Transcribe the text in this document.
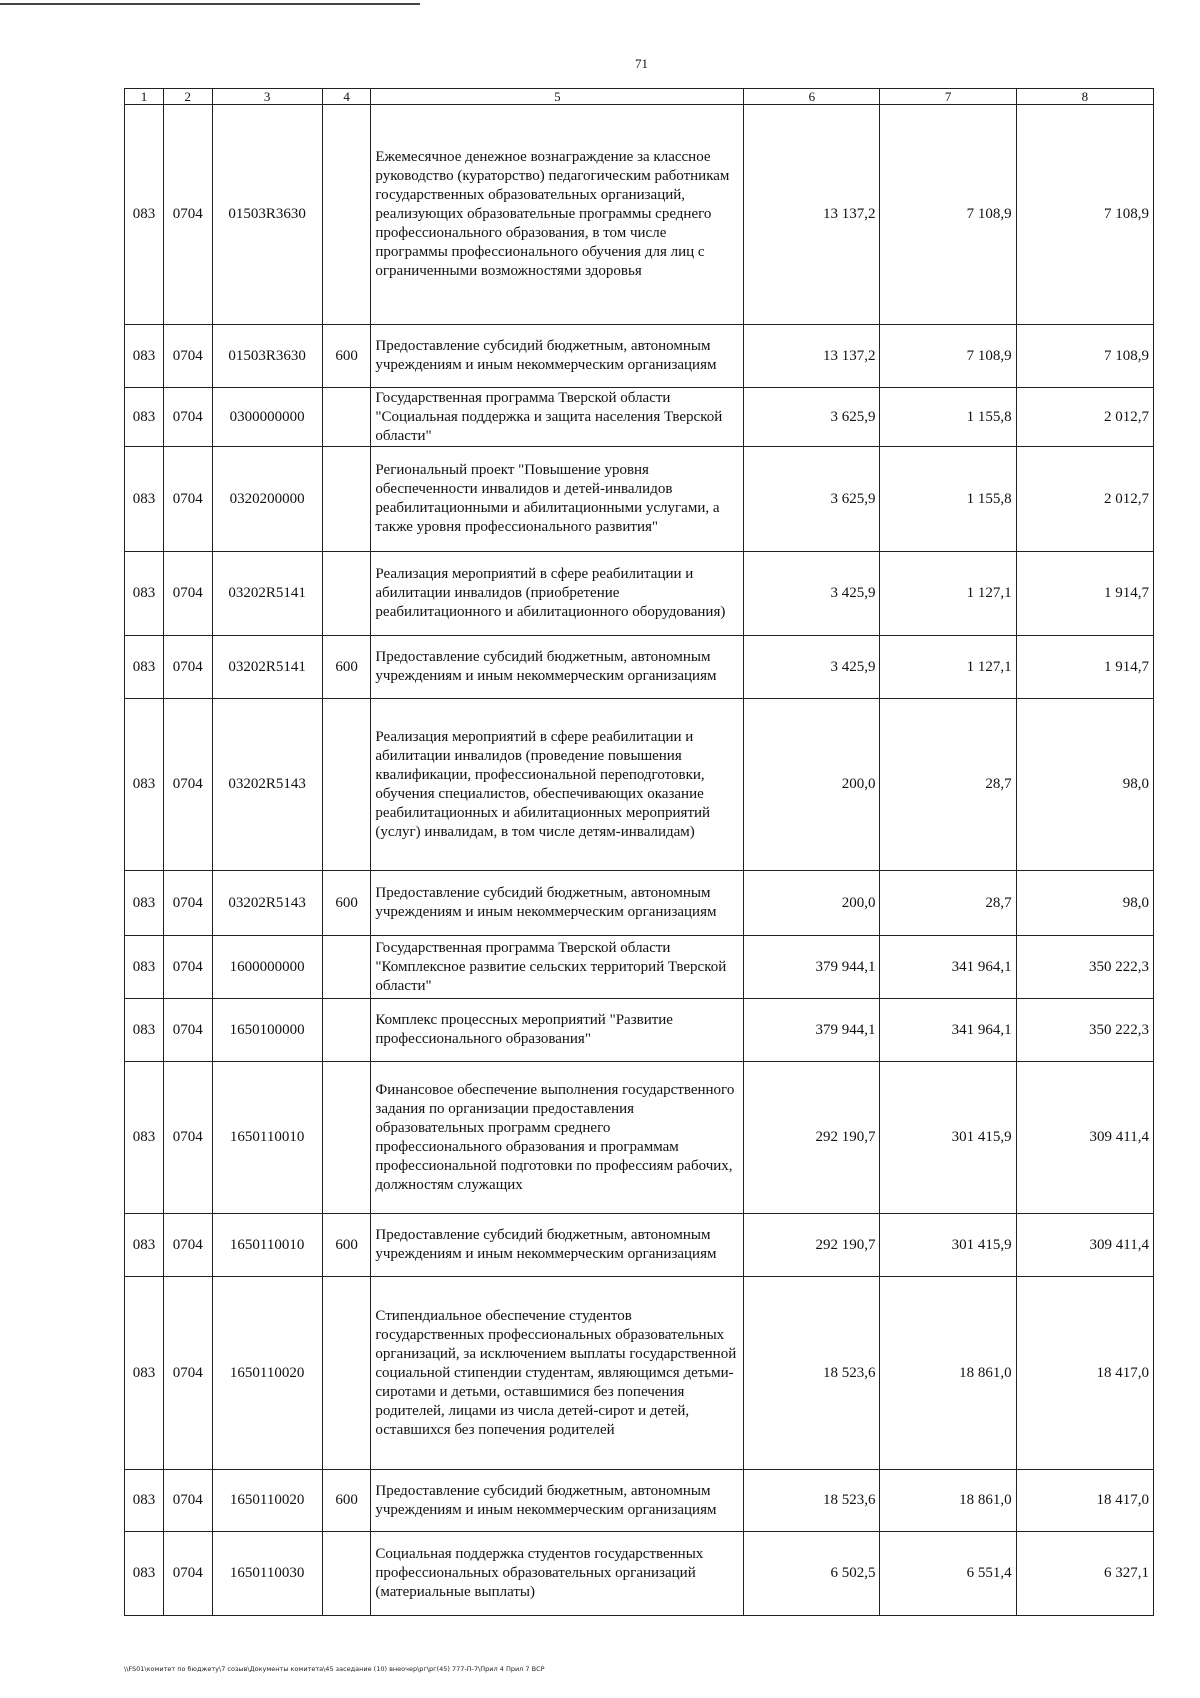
71
1	2	3	4	5	6	7	8
083	0704	01503R3630		Ежемесячное денежное вознаграждение за классное руководство (кураторство) педагогическим работникам государственных образовательных организаций, реализующих образовательные программы среднего профессионального образования, в том числе программы профессионального обучения для лиц с ограниченными возможностями здоровья	13 137,2	7 108,9	7 108,9
083	0704	01503R3630	600	Предоставление субсидий бюджетным, автономным учреждениям и иным некоммерческим организациям	13 137,2	7 108,9	7 108,9
083	0704	0300000000		Государственная программа Тверской области "Социальная поддержка и защита населения Тверской области"	3 625,9	1 155,8	2 012,7
083	0704	0320200000		Региональный проект "Повышение уровня обеспеченности инвалидов и детей-инвалидов реабилитационными и абилитационными услугами, а также уровня профессионального развития"	3 625,9	1 155,8	2 012,7
083	0704	03202R5141		Реализация мероприятий в сфере реабилитации и абилитации инвалидов (приобретение реабилитационного и абилитационного оборудования)	3 425,9	1 127,1	1 914,7
083	0704	03202R5141	600	Предоставление субсидий бюджетным, автономным учреждениям и иным некоммерческим организациям	3 425,9	1 127,1	1 914,7
083	0704	03202R5143		Реализация мероприятий в сфере реабилитации и абилитации инвалидов (проведение повышения квалификации, профессиональной переподготовки, обучения специалистов, обеспечивающих оказание реабилитационных и абилитационных мероприятий (услуг) инвалидам, в том числе детям-инвалидам)	200,0	28,7	98,0
083	0704	03202R5143	600	Предоставление субсидий бюджетным, автономным учреждениям и иным некоммерческим организациям	200,0	28,7	98,0
083	0704	1600000000		Государственная программа Тверской области "Комплексное развитие сельских территорий Тверской области"	379 944,1	341 964,1	350 222,3
083	0704	1650100000		Комплекс процессных мероприятий "Развитие профессионального образования"	379 944,1	341 964,1	350 222,3
083	0704	1650110010		Финансовое обеспечение выполнения государственного задания по организации предоставления образовательных программ среднего профессионального образования и программам профессиональной подготовки по профессиям рабочих, должностям служащих	292 190,7	301 415,9	309 411,4
083	0704	1650110010	600	Предоставление субсидий бюджетным, автономным учреждениям и иным некоммерческим организациям	292 190,7	301 415,9	309 411,4
083	0704	1650110020		Стипендиальное обеспечение студентов государственных профессиональных образовательных организаций, за исключением выплаты государственной социальной стипендии студентам, являющимся детьми-сиротами и детьми, оставшимися без попечения родителей, лицами из числа детей-сирот и детей, оставшихся без попечения родителей	18 523,6	18 861,0	18 417,0
083	0704	1650110020	600	Предоставление субсидий бюджетным, автономным учреждениям и иным некоммерческим организациям	18 523,6	18 861,0	18 417,0
083	0704	1650110030		Социальная поддержка студентов государственных профессиональных образовательных организаций (материальные выплаты)	6 502,5	6 551,4	6 327,1
\\FS01\комитет по бюджету\7 созыв\Документы комитета\45 заседание (10) внеочер\рг\рг(45) 777-П-7\Прил 4 Прил 7 ВСР
